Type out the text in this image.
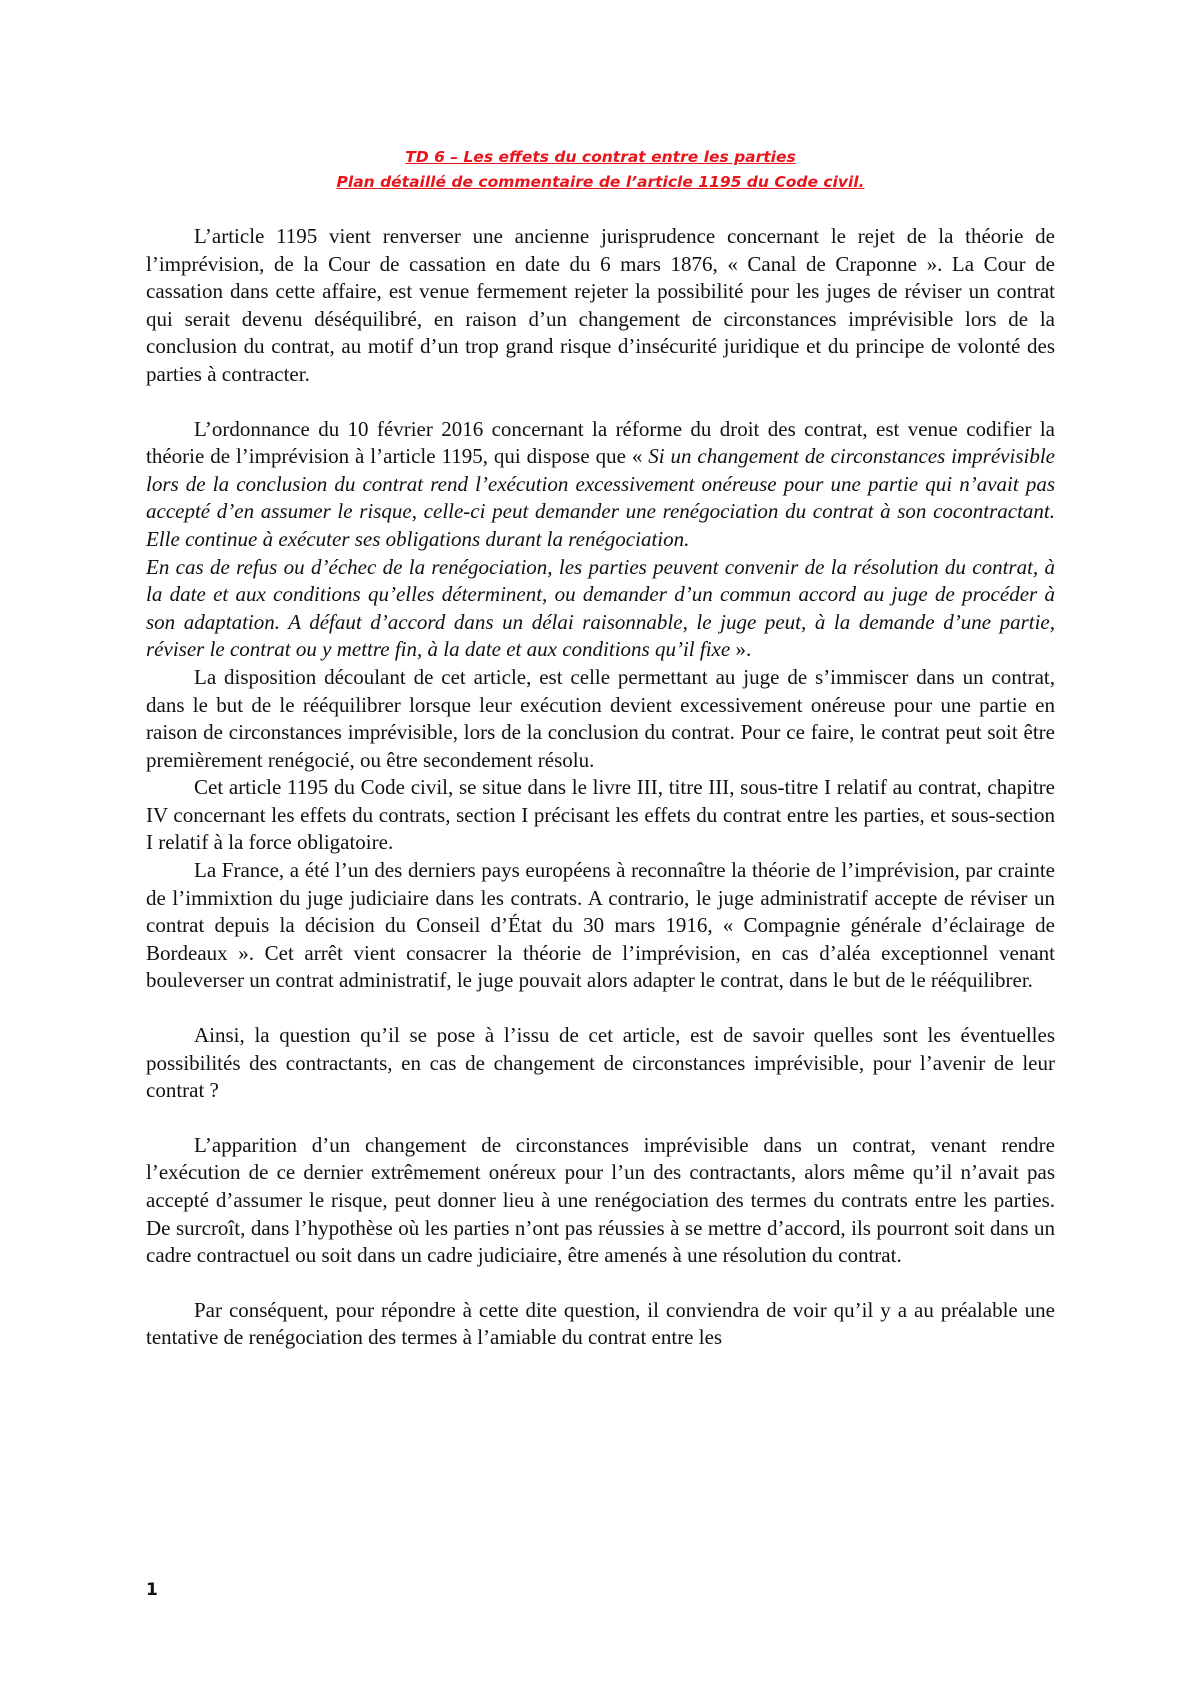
TD 6 – Les effets du contrat entre les parties
Plan détaillé de commentaire de l’article 1195 du Code civil.

L’article 1195 vient renverser une ancienne jurisprudence concernant le rejet de la théorie de l’imprévision, de la Cour de cassation en date du 6 mars 1876, « Canal de Craponne ». La Cour de cassation dans cette affaire, est venue fermement rejeter la possibilité pour les juges de réviser un contrat qui serait devenu déséquilibré, en raison d’un changement de circonstances imprévisible lors de la conclusion du contrat, au motif d’un trop grand risque d’insécurité juridique et du principe de volonté des parties à contracter.

L’ordonnance du 10 février 2016 concernant la réforme du droit des contrat, est venue codifier la théorie de l’imprévision à l’article 1195, qui dispose que « Si un changement de circonstances imprévisible lors de la conclusion du contrat rend l’exécution excessivement onéreuse pour une partie qui n’avait pas accepté d’en assumer le risque, celle-ci peut demander une renégociation du contrat à son cocontractant. Elle continue à exécuter ses obligations durant la renégociation.

En cas de refus ou d’échec de la renégociation, les parties peuvent convenir de la résolution du contrat, à la date et aux conditions qu’elles déterminent, ou demander d’un commun accord au juge de procéder à son adaptation. A défaut d’accord dans un délai raisonnable, le juge peut, à la demande d’une partie, réviser le contrat ou y mettre fin, à la date et aux conditions qu’il fixe ».

La disposition découlant de cet article, est celle permettant au juge de s’immiscer dans un contrat, dans le but de le rééquilibrer lorsque leur exécution devient excessivement onéreuse pour une partie en raison de circonstances imprévisible, lors de la conclusion du contrat. Pour ce faire, le contrat peut soit être premièrement renégocié, ou être secondement résolu.

Cet article 1195 du Code civil, se situe dans le livre III, titre III, sous-titre I relatif au contrat, chapitre IV concernant les effets du contrats, section I précisant les effets du contrat entre les parties, et sous-section I relatif à la force obligatoire.

La France, a été l’un des derniers pays européens à reconnaître la théorie de l’imprévision, par crainte de l’immixtion du juge judiciaire dans les contrats. A contrario, le juge administratif accepte de réviser un contrat depuis la décision du Conseil d’État du 30 mars 1916, « Compagnie générale d’éclairage de Bordeaux ». Cet arrêt vient consacrer la théorie de l’imprévision, en cas d’aléa exceptionnel venant bouleverser un contrat administratif, le juge pouvait alors adapter le contrat, dans le but de le rééquilibrer.

Ainsi, la question qu’il se pose à l’issu de cet article, est de savoir quelles sont les éventuelles possibilités des contractants, en cas de changement de circonstances imprévisible, pour l’avenir de leur contrat ?

L’apparition d’un changement de circonstances imprévisible dans un contrat, venant rendre l’exécution de ce dernier extrêmement onéreux pour l’un des contractants, alors même qu’il n’avait pas accepté d’assumer le risque, peut donner lieu à une renégociation des termes du contrats entre les parties. De surcroît, dans l’hypothèse où les parties n’ont pas réussies à se mettre d’accord, ils pourront soit dans un cadre contractuel ou soit dans un cadre judiciaire, être amenés à une résolution du contrat.

Par conséquent, pour répondre à cette dite question, il conviendra de voir qu’il y a au préalable une tentative de renégociation des termes à l’amiable du contrat entre les

1
